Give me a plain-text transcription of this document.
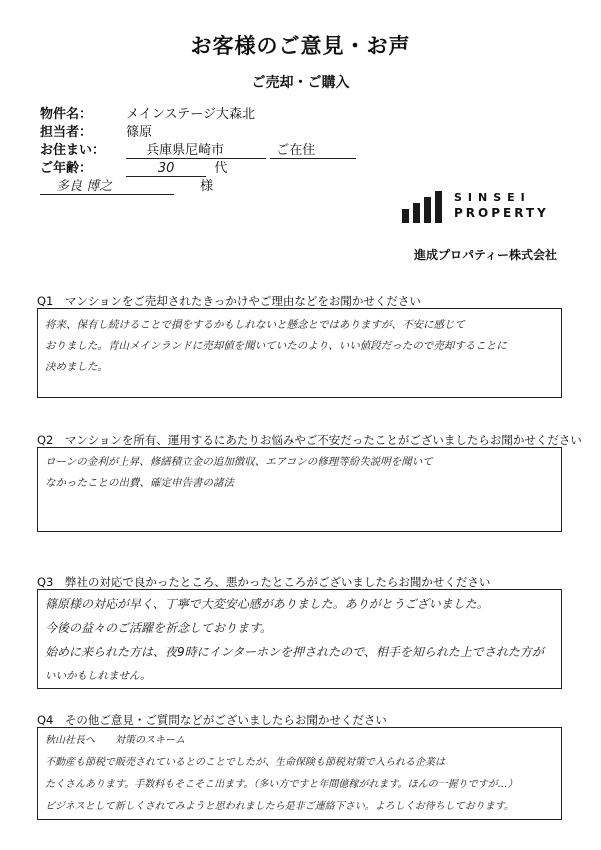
お客様のご意見・お声
ご売却・ご購入
物件名：	メインステージ大森北
担当者：	篠原
お住まい：	兵庫県尼崎市	ご在住
ご年齢：	30	代
多良 博之	様
SINSEI
PROPERTY
進成プロパティー株式会社
Q1　マンションをご売却されたきっかけやご理由などをお聞かせください
将来、保有し続けることで損をするかもしれないと懸念とではありますが、不安に感じて
おりました。青山メインランドに売却値を聞いていたのより、いい値段だったので売却することに
決めました。
Q2　マンションを所有、運用するにあたりお悩みやご不安だったことがございましたらお聞かせください
ローンの金利が上昇、修繕積立金の追加徴収、エアコンの修理等紛失説明を聞いて
なかったことの出費、確定申告書の諸法
Q3　弊社の対応で良かったところ、悪かったところがございましたらお聞かせください
篠原様の対応が早く、丁寧で大変安心感がありました。ありがとうございました。
今後の益々のご活躍を祈念しております。
始めに来られた方は、夜9時にインターホンを押されたので、相手を知られた上でされた方が
いいかもしれません。
Q4　その他ご意見・ご質問などがございましたらお聞かせください
秋山社長へ　　対策のスキーム
不動産も節税で販売されているとのことでしたが、生命保険も節税対策で入られる企業は
たくさんあります。手数料もそこそこ出ます。（多い方ですと年間億稼がれます。ほんの一握りですが…）
ビジネスとして新しくされてみようと思われましたら是非ご連絡下さい。よろしくお待ちしております。
